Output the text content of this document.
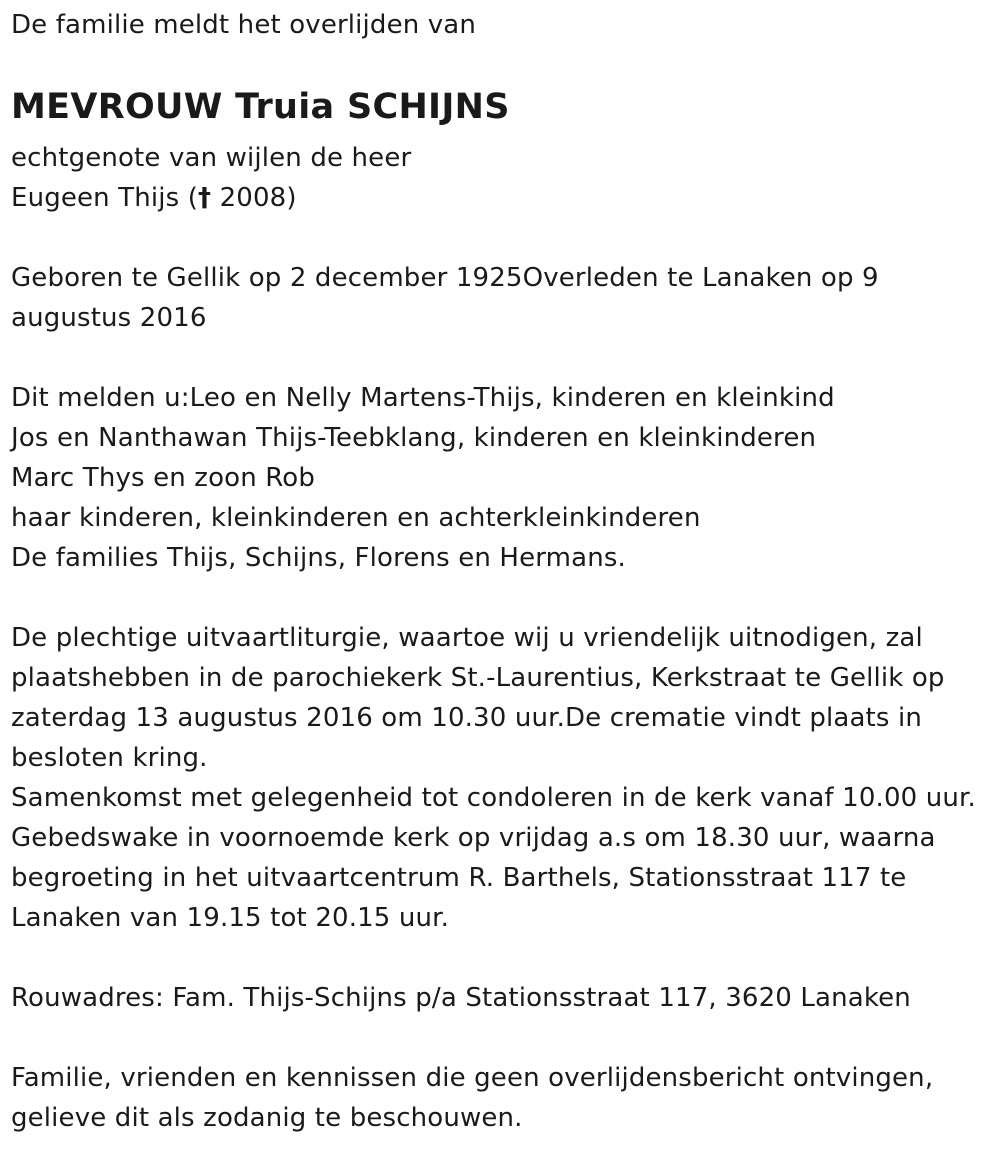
De familie meldt het overlijden van
MEVROUW Truia SCHIJNS
echtgenote van wijlen de heer
Eugeen Thijs († 2008)
Geboren te Gellik op 2 december 1925Overleden te Lanaken op 9
augustus 2016
Dit melden u:Leo en Nelly Martens-Thijs, kinderen en kleinkind
Jos en Nanthawan Thijs-Teebklang, kinderen en kleinkinderen
Marc Thys en zoon Rob
haar kinderen, kleinkinderen en achterkleinkinderen
De families Thijs, Schijns, Florens en Hermans.
De plechtige uitvaartliturgie, waartoe wij u vriendelijk uitnodigen, zal
plaatshebben in de parochiekerk St.-Laurentius, Kerkstraat te Gellik op
zaterdag 13 augustus 2016 om 10.30 uur.De crematie vindt plaats in
besloten kring.
Samenkomst met gelegenheid tot condoleren in de kerk vanaf 10.00 uur.
Gebedswake in voornoemde kerk op vrijdag a.s om 18.30 uur, waarna
begroeting in het uitvaartcentrum R. Barthels, Stationsstraat 117 te
Lanaken van 19.15 tot 20.15 uur.
Rouwadres: Fam. Thijs-Schijns p/a Stationsstraat 117, 3620 Lanaken
Familie, vrienden en kennissen die geen overlijdensbericht ontvingen,
gelieve dit als zodanig te beschouwen.
